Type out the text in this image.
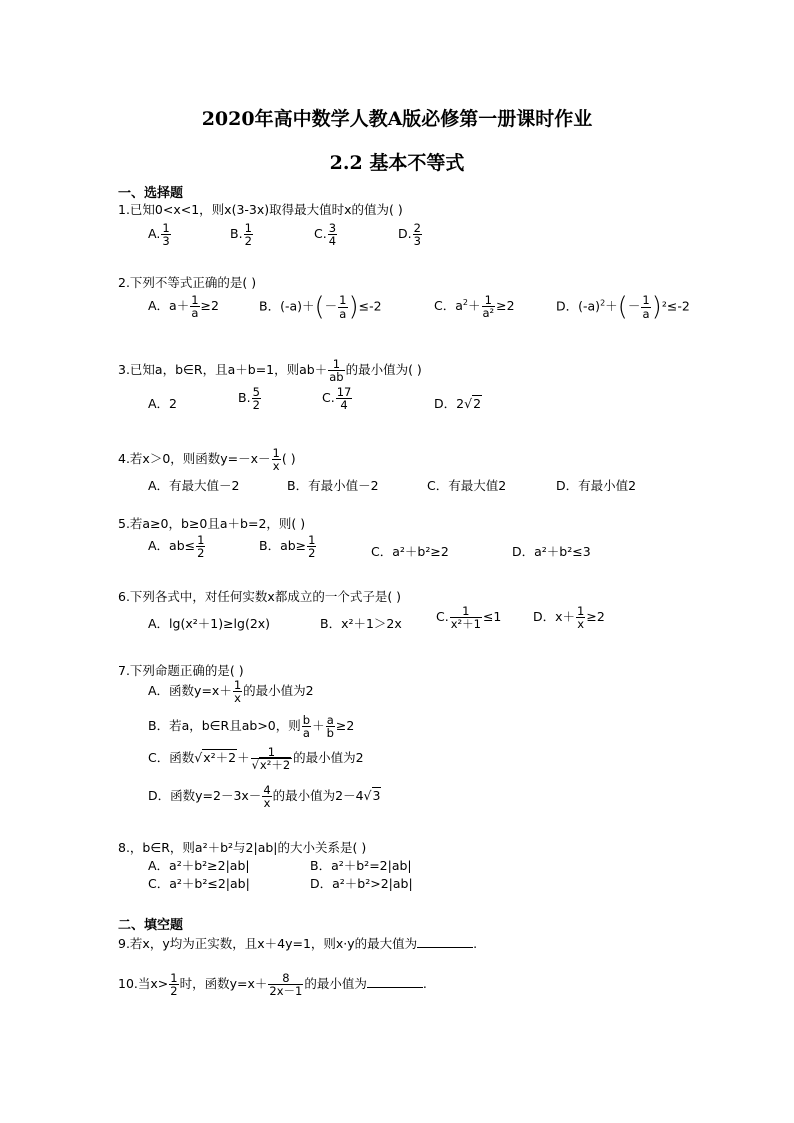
2020年高中数学人教A版必修第一册课时作业
2.2 基本不等式
一、选择题
1.已知0<x<1，则x(3-3x)取得最大值时x的值为( )
A. $\frac{1}{3}$	B. $\frac{1}{2}$	C. $\frac{3}{4}$	D. $\frac{2}{3}$
2.下列不等式正确的是( )
A．$a+ \frac{1}{a} \ge 2$	B．$(-a)+(- \frac{1}{a} )\le-2$	C．$a^2+ \frac{1}{\text{a²}} \ge 2$	D．$(-a)^2+(- \frac{1}{a} )^2\le-2$
3.已知a，b∈R，且a＋b=1，则$ab+ \frac{1}{ab}$ 的最小值为( )
A．2	B. $\frac{5}{2}$	C. $\frac{17}{4}$	D．2√2
4.若x＞0，则函数$y=-x- \frac{1}{x}$ ( )
A．有最大值－2	B．有最小值－2	C．有最大值2	D．有最小值2
5.若a≥0，b≥0且a＋b=2，则( )
A．$ab\le \frac{1}{2}$	B．$ab\ge \frac{1}{2}$	C．a²＋b²≥2	D．a²＋b²≤3
6.下列各式中，对任何实数x都成立的一个式子是( )
A．lg(x²＋1)≥lg(2x)	B．x²＋1＞2x	C. $\frac{1}{\text{x²＋1}} \le 1$	D．$x+ \frac{1}{x} \ge 2$
7.下列命题正确的是( )
A．函数$y=x+ \frac{1}{x}$ 的最小值为2
B．若a，b∈R且ab>0，则 $\frac{b}{a} + \frac{a}{b} \ge 2$
C．函数$√x^2+2+ \frac{1}{\text{√x²＋2}}$ 的最小值为2
D．函数$y=2-3x- \frac{4}{x}$ 的最小值为2－4√3
8.，b∈R，则a²＋b²与2|ab|的大小关系是( )
A．a²＋b²≥2|ab|	B．a²＋b²=2|ab|
C．a²＋b²≤2|ab|	D．a²＋b²>2|ab|
二、填空题
9.若x，y均为正实数，且x＋4y=1，则x·y的最大值为	.
10.当$x> \frac{1}{2}$ 时，函数$y=x+ \frac{8}{2x-1}$ 的最小值为	.
